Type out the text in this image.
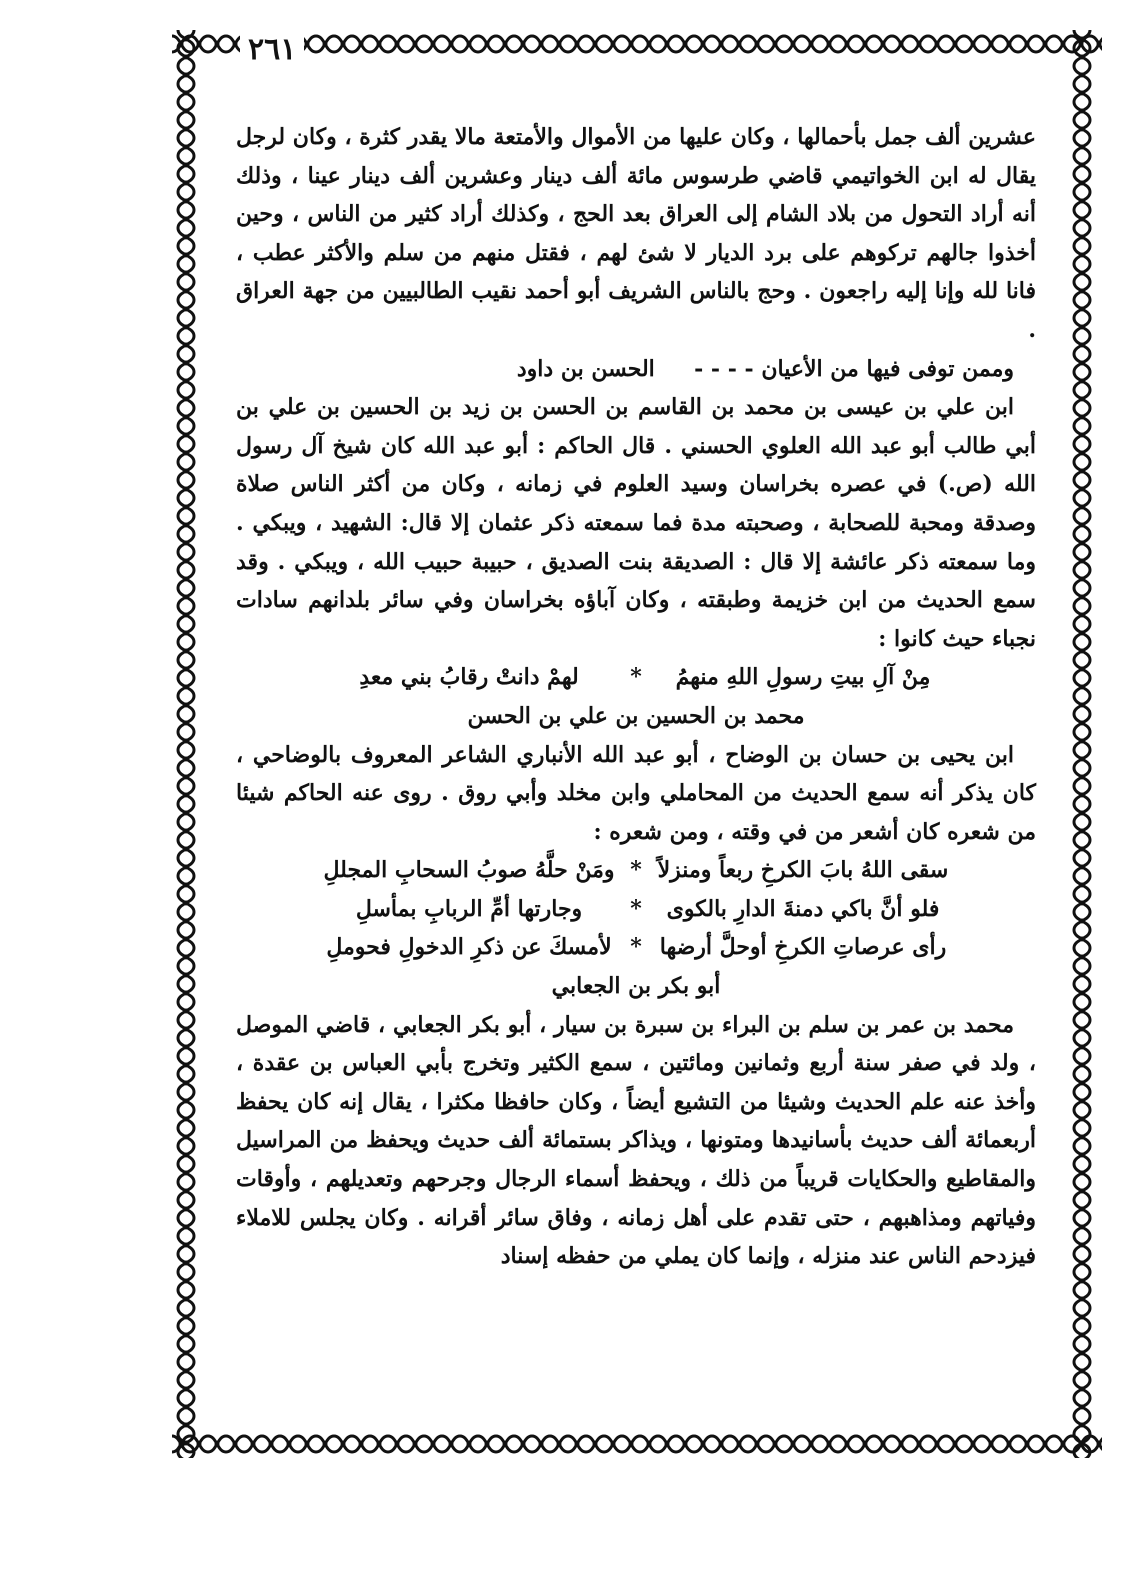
٢٦١

عشرين ألف جمل بأحمالها ، وكان عليها من الأموال والأمتعة مالا يقدر كثرة ، وكان لرجل يقال له ابن الخواتيمي قاضي طرسوس مائة ألف دينار وعشرين ألف دينار عينا ، وذلك أنه أراد التحول من بلاد الشام إلى العراق بعد الحج ، وكذلك أراد كثير من الناس ، وحين أخذوا جالهم تركوهم على برد الديار لا شئ لهم ، فقتل منهم من سلم والأكثر عطب ، فانا لله وإنا إليه راجعون . وحج بالناس الشريف أبو أحمد نقيب الطالبيين من جهة العراق .

وممن توفى فيها من الأعيان - - - -  الحسن بن داود

ابن علي بن عيسى بن محمد بن القاسم بن الحسن بن زيد بن الحسين بن علي بن أبي طالب أبو عبد الله العلوي الحسني . قال الحاكم : أبو عبد الله كان شيخ آل رسول الله (ص.) في عصره بخراسان وسيد العلوم في زمانه ، وكان من أكثر الناس صلاة وصدقة ومحبة للصحابة ، وصحبته مدة فما سمعته ذكر عثمان إلا قال: الشهيد ، ويبكي . وما سمعته ذكر عائشة إلا قال : الصديقة بنت الصديق ، حبيبة حبيب الله ، ويبكي . وقد سمع الحديث من ابن خزيمة وطبقته ، وكان آباؤه بخراسان وفي سائر بلدانهم سادات نجباء حيث كانوا :

مِنْ آلِ بيتِ رسولِ اللهِ منهمُ
*
لهمْ دانتْ رقابُ بني معدِ

محمد بن الحسين بن علي بن الحسن

ابن يحيى بن حسان بن الوضاح ، أبو عبد الله الأنباري الشاعر المعروف بالوضاحي ، كان يذكر أنه سمع الحديث من المحاملي وابن مخلد وأبي روق . روى عنه الحاكم شيئا من شعره كان أشعر من في وقته ، ومن شعره :

سقى اللهُ بابَ الكرخِ ربعاً ومنزلاً
*
ومَنْ حلَّهُ صوبُ السحابِ المجللِ
فلو أنَّ باكي دمنةَ الدارِ بالكوى
*
وجارتها أمِّ الربابِ بمأسلِ
رأى عرصاتِ الكرخِ أوحلَّ أرضها
*
لأمسكَ عن ذكرِ الدخولِ فحوملِ

أبو بكر بن الجعابي

محمد بن عمر بن سلم بن البراء بن سبرة بن سيار ، أبو بكر الجعابي ، قاضي الموصل ، ولد في صفر سنة أربع وثمانين ومائتين ، سمع الكثير وتخرج بأبي العباس بن عقدة ، وأخذ عنه علم الحديث وشيئا من التشيع أيضاً ، وكان حافظا مكثرا ، يقال إنه كان يحفظ أربعمائة ألف حديث بأسانيدها ومتونها ، ويذاكر بستمائة ألف حديث ويحفظ من المراسيل والمقاطيع والحكايات قريباً من ذلك ، ويحفظ أسماء الرجال وجرحهم وتعديلهم ، وأوقات وفياتهم ومذاهبهم ، حتى تقدم على أهل زمانه ، وفاق سائر أقرانه . وكان يجلس للاملاء فيزدحم الناس عند منزله ، وإنما كان يملي من حفظه إسناد
